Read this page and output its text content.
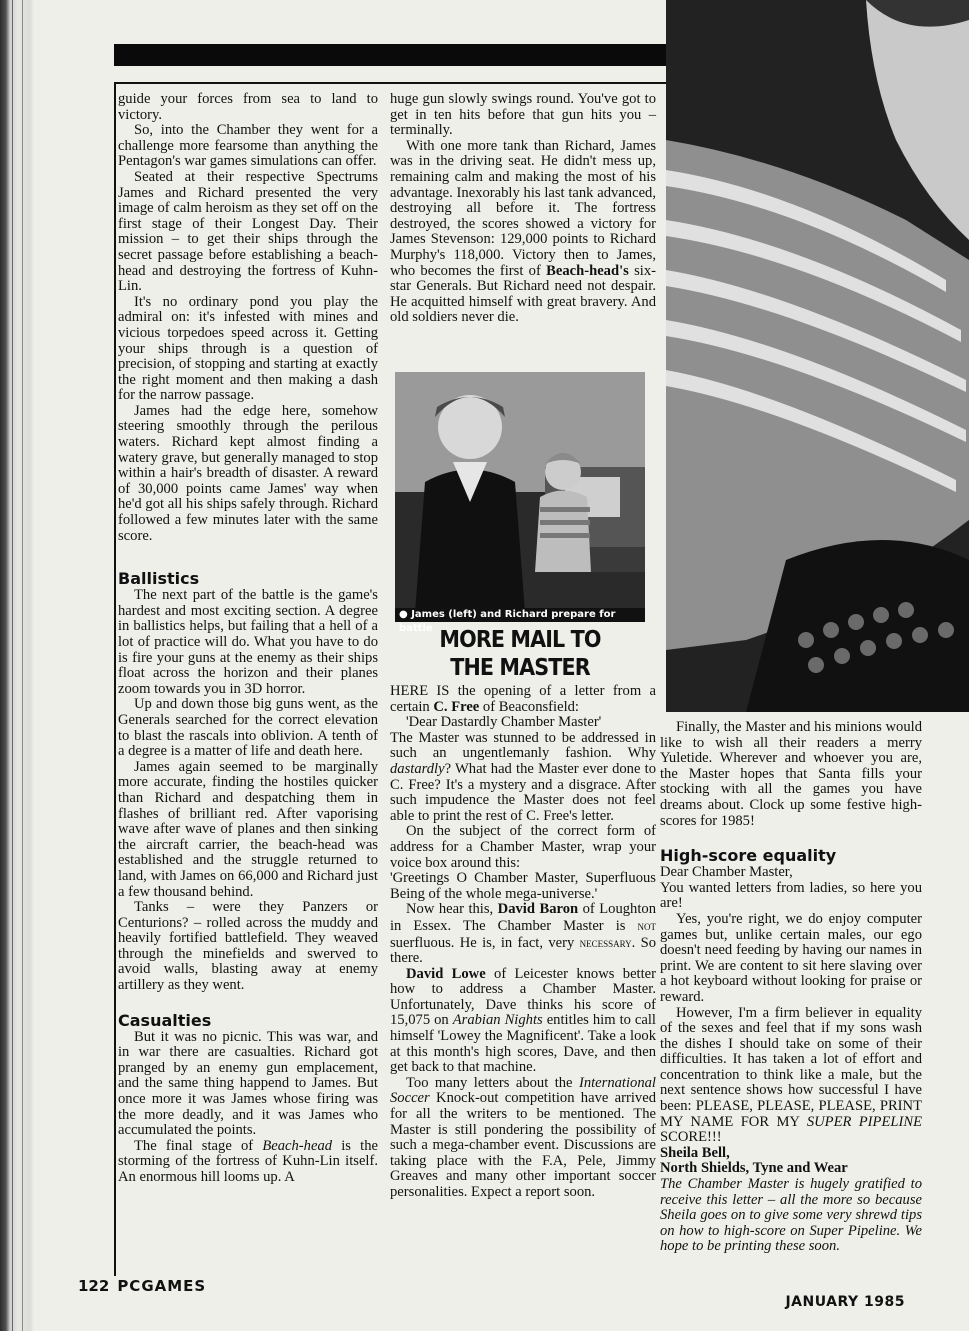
guide your forces from sea to land to victory.

So, into the Chamber they went for a challenge more fearsome than anything the Pentagon's war games simulations can offer.

Seated at their respective Spectrums James and Richard presented the very image of calm heroism as they set off on the first stage of their Longest Day. Their mission – to get their ships through the secret passage before establishing a beach-head and destroying the fortress of Kuhn-Lin.

It's no ordinary pond you play the admiral on: it's infested with mines and vicious torpedoes speed across it. Getting your ships through is a question of precision, of stopping and starting at exactly the right moment and then making a dash for the narrow passage.

James had the edge here, somehow steering smoothly through the perilous waters. Richard kept almost finding a watery grave, but generally managed to stop within a hair's breadth of disaster. A reward of 30,000 points came James' way when he'd got all his ships safely through. Richard followed a few minutes later with the same score.

Ballistics

The next part of the battle is the game's hardest and most exciting section. A degree in ballistics helps, but failing that a hell of a lot of practice will do. What you have to do is fire your guns at the enemy as their ships float across the horizon and their planes zoom towards you in 3D horror.

Up and down those big guns went, as the Generals searched for the correct elevation to blast the rascals into oblivion. A tenth of a degree is a matter of life and death here.

James again seemed to be marginally more accurate, finding the hostiles quicker than Richard and despatching them in flashes of brilliant red. After vaporising wave after wave of planes and then sinking the aircraft carrier, the beach-head was established and the struggle returned to land, with James on 66,000 and Richard just a few thousand behind.

Tanks – were they Panzers or Centurions? – rolled across the muddy and heavily fortified battlefield. They weaved through the minefields and swerved to avoid walls, blasting away at enemy artillery as they went.

Casualties

But it was no picnic. This was war, and in war there are casualties. Richard got pranged by an enemy gun emplacement, and the same thing happend to James. But once more it was James whose firing was the more deadly, and it was James who accumulated the points.

The final stage of Beach-head is the storming of the fortress of Kuhn-Lin itself. An enormous hill looms up. A

huge gun slowly swings round. You've got to get in ten hits before that gun hits you – terminally.

With one more tank than Richard, James was in the driving seat. He didn't mess up, remaining calm and making the most of his advantage. Inexorably his last tank advanced, destroying all before it. The fortress destroyed, the scores showed a victory for James Stevenson: 129,000 points to Richard Murphy's 118,000. Victory then to James, who becomes the first of Beach-head's six-star Generals. But Richard need not despair. He acquitted himself with great bravery. And old soldiers never die.

● James (left) and Richard prepare for battle MORE MAIL TO
THE MASTER

HERE IS the opening of a letter from a certain C. Free of Beaconsfield:

'Dear Dastardly Chamber Master'

The Master was stunned to be addressed in such an ungentlemanly fashion. Why dastardly? What had the Master ever done to C. Free? It's a mystery and a disgrace. After such impudence the Master does not feel able to print the rest of C. Free's letter.

On the subject of the correct form of address for a Chamber Master, wrap your voice box around this:

'Greetings O Chamber Master, Superfluous Being of the whole mega-universe.'

Now hear this, David Baron of Loughton in Essex. The Chamber Master is not suerfluous. He is, in fact, very necessary. So there.

David Lowe of Leicester knows better how to address a Chamber Master. Unfortunately, Dave thinks his score of 15,075 on Arabian Nights entitles him to call himself 'Lowey the Magnificent'. Take a look at this month's high scores, Dave, and then get back to that machine.

Too many letters about the International Soccer Knock-out competition have arrived for all the writers to be mentioned. The Master is still pondering the possibility of such a mega-chamber event. Discussions are taking place with the F.A, Pele, Jimmy Greaves and many other important soccer personalities. Expect a report soon.

Finally, the Master and his minions would like to wish all their readers a merry Yuletide. Wherever and whoever you are, the Master hopes that Santa fills your stocking with all the games you have dreams about. Clock up some festive high-scores for 1985!

High-score equality

Dear Chamber Master,

You wanted letters from ladies, so here you are!

Yes, you're right, we do enjoy computer games but, unlike certain males, our ego doesn't need feeding by having our names in print. We are content to sit here slaving over a hot keyboard without looking for praise or reward.

However, I'm a firm believer in equality of the sexes and feel that if my sons wash the dishes I should take on some of their difficulties. It has taken a lot of effort and concentration to think like a male, but the next sentence shows how successful I have been: PLEASE, PLEASE, PLEASE, PRINT MY NAME FOR MY SUPER PIPELINE SCORE!!!

Sheila Bell,

North Shields, Tyne and Wear

The Chamber Master is hugely gratified to receive this letter – all the more so because Sheila goes on to give some very shrewd tips on how to high-score on Super Pipeline. We hope to be printing these soon.

122 PCGAMES
JANUARY 1985
